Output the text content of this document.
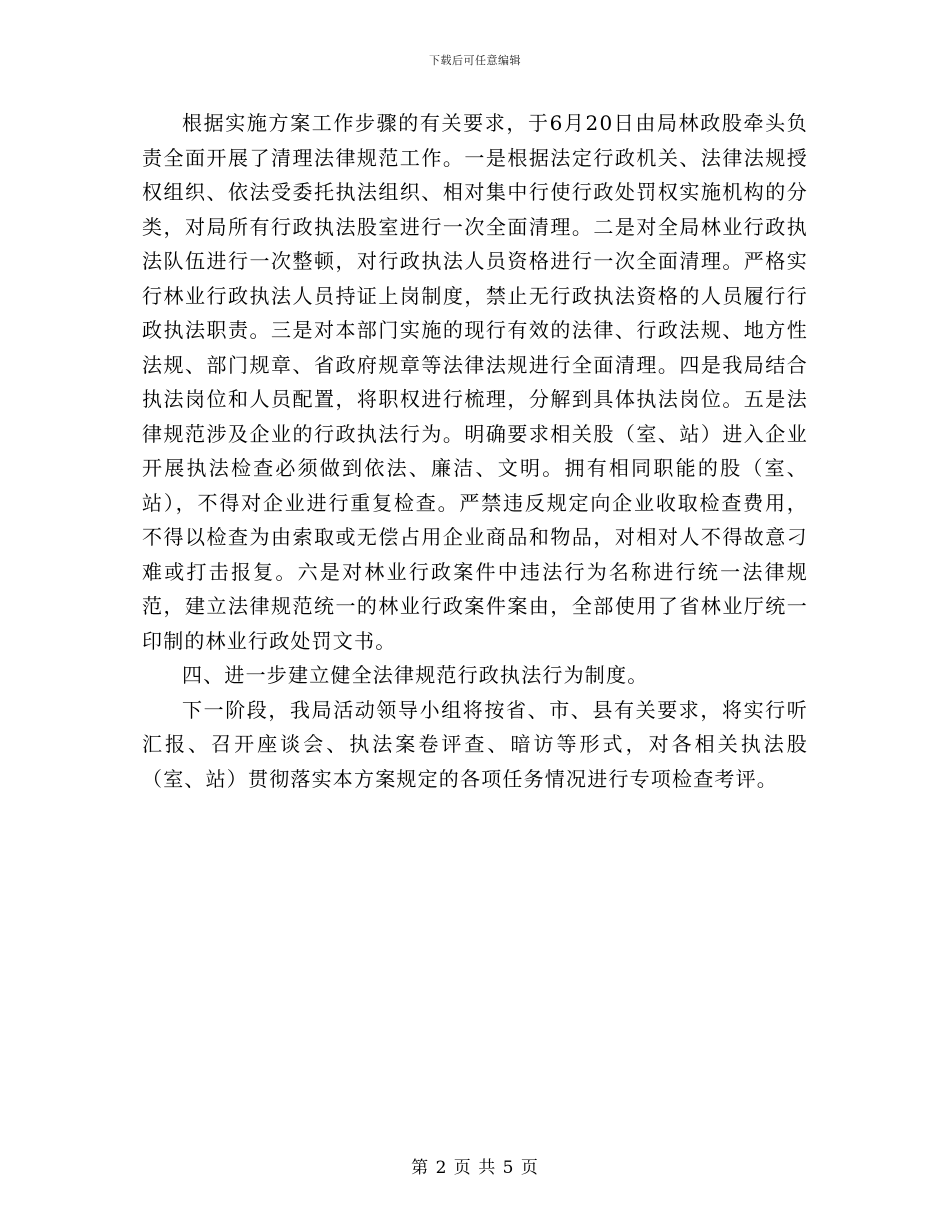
下载后可任意编辑

根据实施方案工作步骤的有关要求，于6月20日由局林政股牵头负责全面开展了清理法律规范工作。一是根据法定行政机关、法律法规授权组织、依法受委托执法组织、相对集中行使行政处罚权实施机构的分类，对局所有行政执法股室进行一次全面清理。二是对全局林业行政执法队伍进行一次整顿，对行政执法人员资格进行一次全面清理。严格实行林业行政执法人员持证上岗制度，禁止无行政执法资格的人员履行行政执法职责。三是对本部门实施的现行有效的法律、行政法规、地方性法规、部门规章、省政府规章等法律法规进行全面清理。四是我局结合执法岗位和人员配置，将职权进行梳理，分解到具体执法岗位。五是法律规范涉及企业的行政执法行为。明确要求相关股（室、站）进入企业开展执法检查必须做到依法、廉洁、文明。拥有相同职能的股（室、站），不得对企业进行重复检查。严禁违反规定向企业收取检查费用，不得以检查为由索取或无偿占用企业商品和物品，对相对人不得故意刁难或打击报复。六是对林业行政案件中违法行为名称进行统一法律规范，建立法律规范统一的林业行政案件案由，全部使用了省林业厅统一印制的林业行政处罚文书。

四、进一步建立健全法律规范行政执法行为制度。

下一阶段，我局活动领导小组将按省、市、县有关要求，将实行听汇报、召开座谈会、执法案卷评查、暗访等形式，对各相关执法股（室、站）贯彻落实本方案规定的各项任务情况进行专项检查考评。

第 2 页 共 5 页
